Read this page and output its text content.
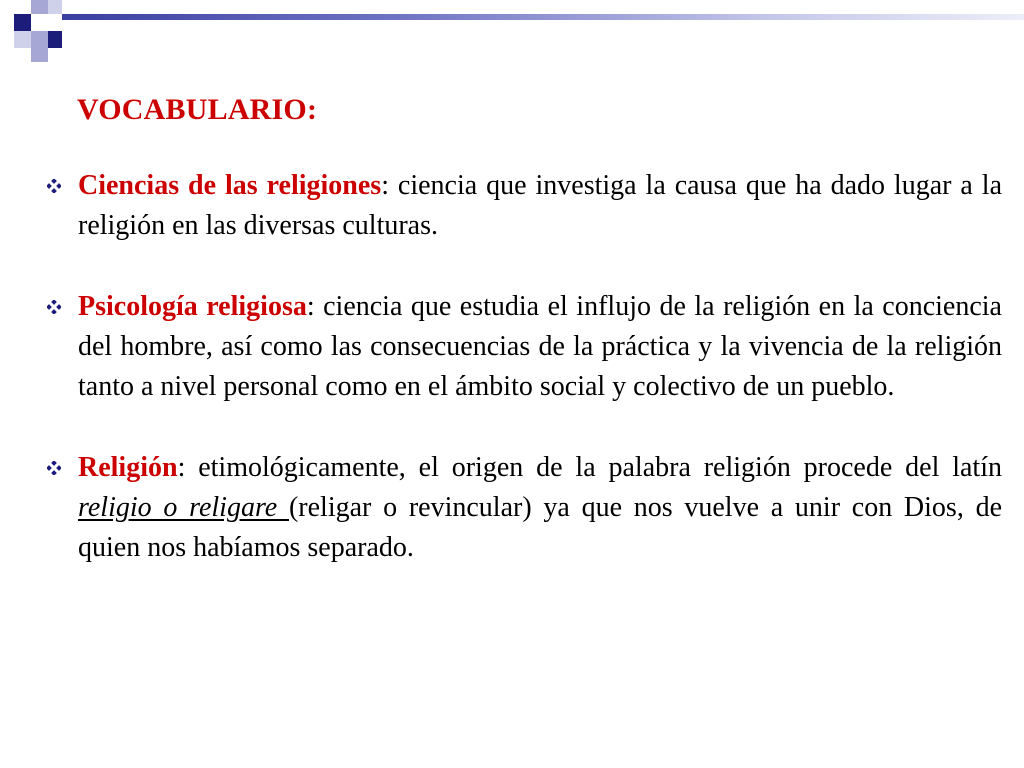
VOCABULARIO:
Ciencias de las religiones: ciencia que investiga la causa que ha dado lugar a la religión en las diversas culturas.
Psicología religiosa: ciencia que estudia el influjo de la religión en la conciencia del hombre, así como las consecuencias de la práctica y la vivencia de la religión tanto a nivel personal como en el ámbito social y colectivo de un pueblo.
Religión: etimológicamente, el origen de la palabra religión procede del latín religio o religare (religar o revincular) ya que nos vuelve a unir con Dios, de quien nos habíamos separado.
